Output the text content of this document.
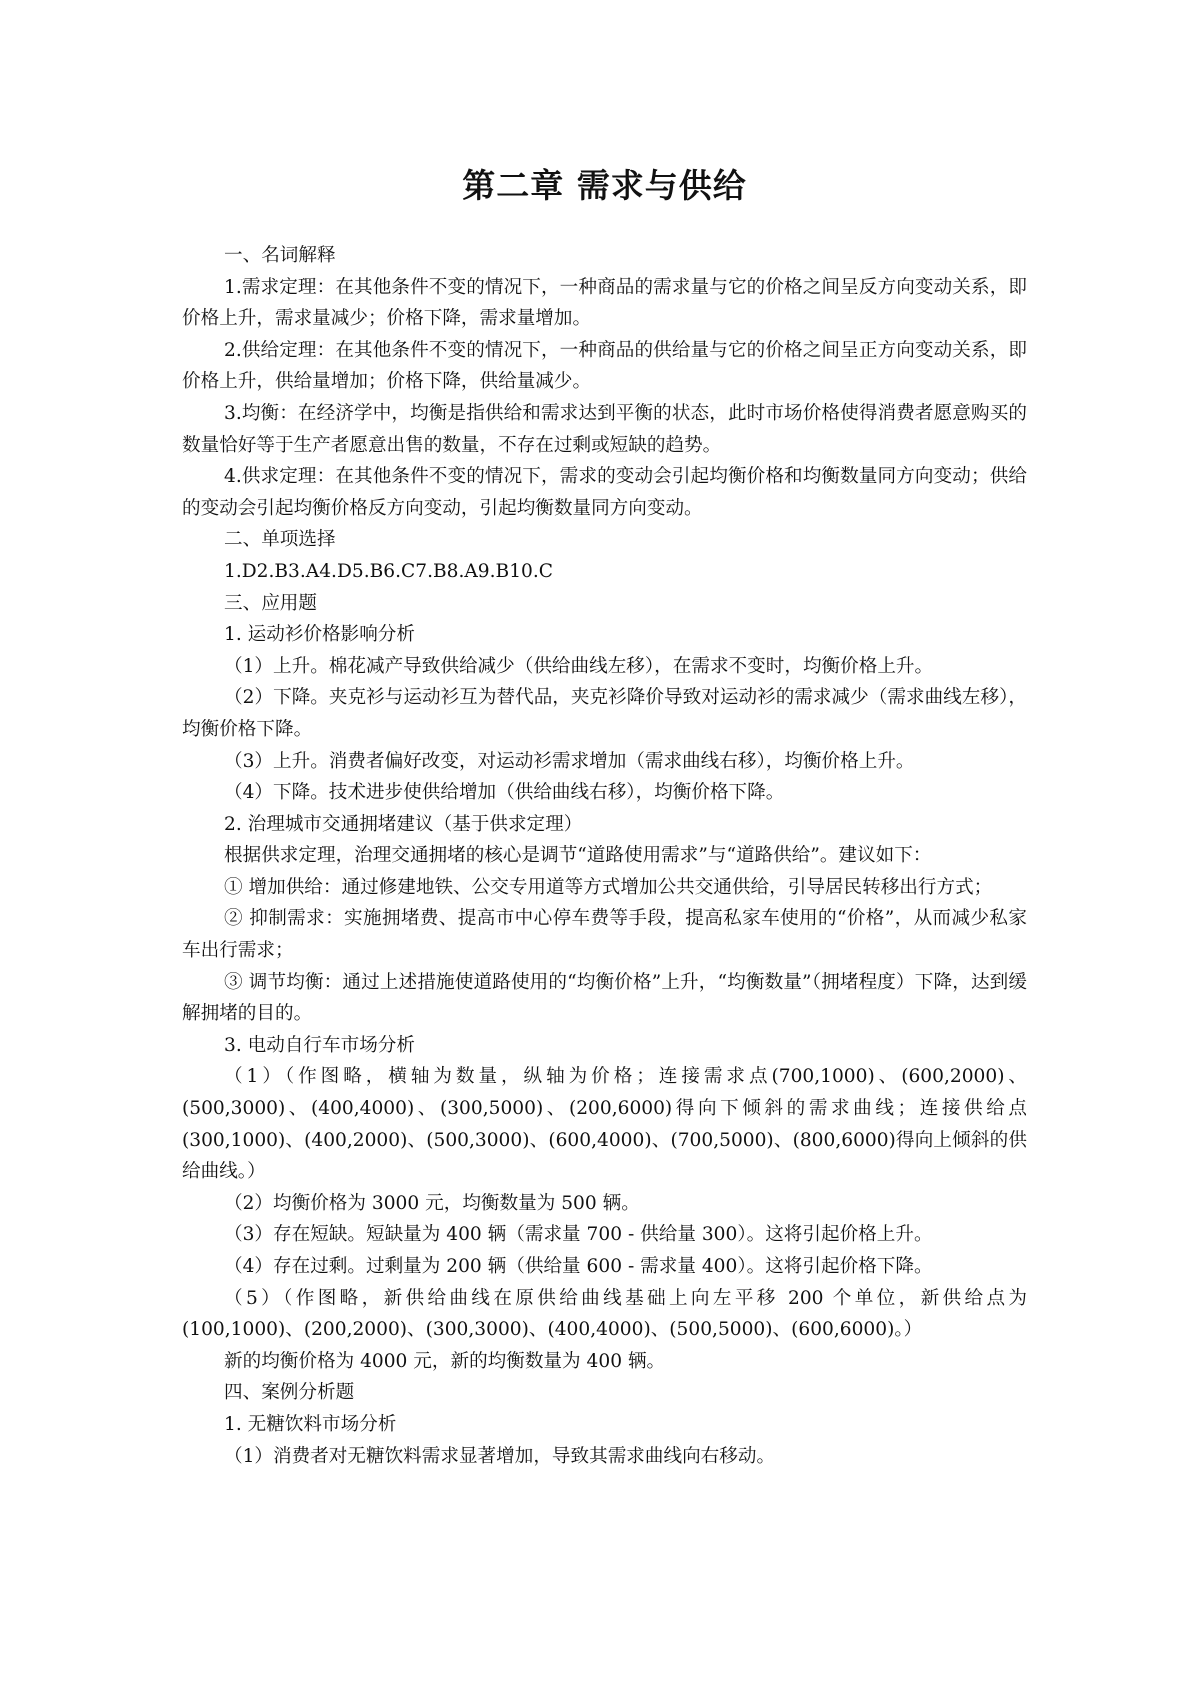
第二章 需求与供给

一、名词解释

1.需求定理：在其他条件不变的情况下，一种商品的需求量与它的价格之间呈反方向变动关系，即价格上升，需求量减少；价格下降，需求量增加。

2.供给定理：在其他条件不变的情况下，一种商品的供给量与它的价格之间呈正方向变动关系，即价格上升，供给量增加；价格下降，供给量减少。

3.均衡：在经济学中，均衡是指供给和需求达到平衡的状态，此时市场价格使得消费者愿意购买的数量恰好等于生产者愿意出售的数量，不存在过剩或短缺的趋势。

4.供求定理：在其他条件不变的情况下，需求的变动会引起均衡价格和均衡数量同方向变动；供给的变动会引起均衡价格反方向变动，引起均衡数量同方向变动。

二、单项选择

1.D2.B3.A4.D5.B6.C7.B8.A9.B10.C

三、应用题

1. 运动衫价格影响分析

（1）上升。棉花减产导致供给减少（供给曲线左移），在需求不变时，均衡价格上升。

（2）下降。夹克衫与运动衫互为替代品，夹克衫降价导致对运动衫的需求减少（需求曲线左移），均衡价格下降。

（3）上升。消费者偏好改变，对运动衫需求增加（需求曲线右移），均衡价格上升。

（4）下降。技术进步使供给增加（供给曲线右移），均衡价格下降。

2. 治理城市交通拥堵建议（基于供求定理）

根据供求定理，治理交通拥堵的核心是调节“道路使用需求”与“道路供给”。建议如下：

① 增加供给：通过修建地铁、公交专用道等方式增加公共交通供给，引导居民转移出行方式；

② 抑制需求：实施拥堵费、提高市中心停车费等手段，提高私家车使用的“价格”，从而减少私家车出行需求；

③ 调节均衡：通过上述措施使道路使用的“均衡价格”上升，“均衡数量”（拥堵程度）下降，达到缓解拥堵的目的。

3. 电动自行车市场分析

（1）（作图略，横轴为数量，纵轴为价格；连接需求点(700,1000)、(600,2000)、(500,3000)、(400,4000)、(300,5000)、(200,6000)得向下倾斜的需求曲线；连接供给点(300,1000)、(400,2000)、(500,3000)、(600,4000)、(700,5000)、(800,6000)得向上倾斜的供给曲线。）

（2）均衡价格为 3000 元，均衡数量为 500 辆。

（3）存在短缺。短缺量为 400 辆（需求量 700 - 供给量 300）。这将引起价格上升。

（4）存在过剩。过剩量为 200 辆（供给量 600 - 需求量 400）。这将引起价格下降。

（5）（作图略，新供给曲线在原供给曲线基础上向左平移 200 个单位，新供给点为(100,1000)、(200,2000)、(300,3000)、(400,4000)、(500,5000)、(600,6000)。）

新的均衡价格为 4000 元，新的均衡数量为 400 辆。

四、案例分析题

1. 无糖饮料市场分析

（1）消费者对无糖饮料需求显著增加，导致其需求曲线向右移动。
